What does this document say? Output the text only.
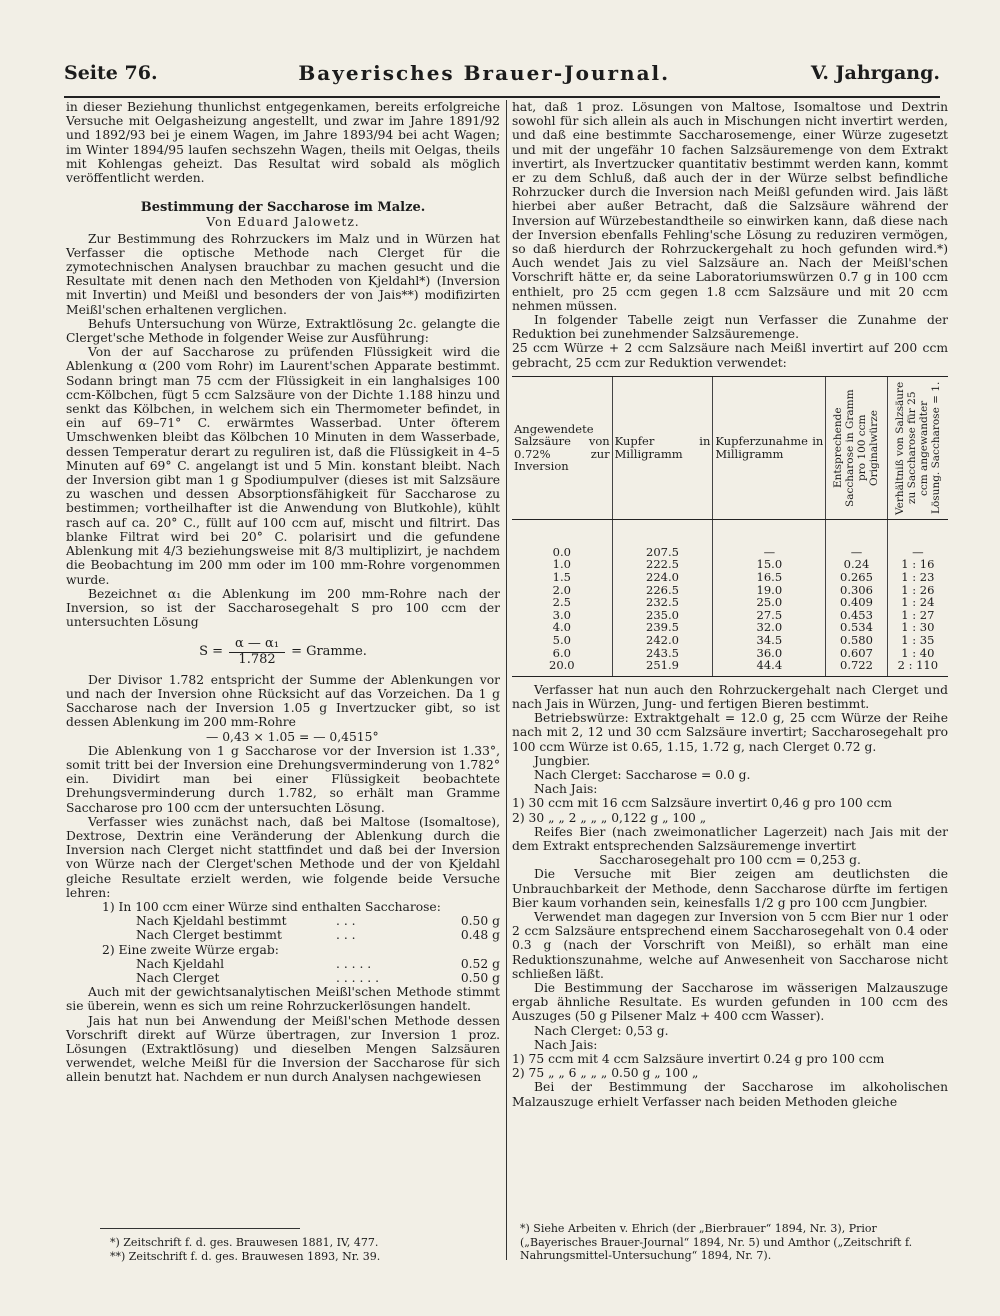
Seite 76.	Bayerisches Brauer-Journal.	V. Jahrgang.

in dieser Beziehung thunlichst entgegenkamen, bereits erfolgreiche Versuche mit Oelgasheizung angestellt, und zwar im Jahre 1891/92 und 1892/93 bei je einem Wagen, im Jahre 1893/94 bei acht Wagen; im Winter 1894/95 laufen sechszehn Wagen, theils mit Oelgas, theils mit Kohlengas geheizt. Das Resultat wird sobald als möglich veröffentlicht werden.

Bestimmung der Saccharose im Malze.

Von Eduard Jalowetz.

Zur Bestimmung des Rohrzuckers im Malz und in Würzen hat Verfasser die optische Methode nach Clerget für die zymotechnischen Analysen brauchbar zu machen gesucht und die Resultate mit denen nach den Methoden von Kjeldahl*) (Inversion mit Invertin) und Meißl und besonders der von Jais**) modifizirten Meißl'schen erhaltenen verglichen.

Behufs Untersuchung von Würze, Extraktlösung 2c. gelangte die Clerget'sche Methode in folgender Weise zur Ausführung:

Von der auf Saccharose zu prüfenden Flüssigkeit wird die Ablenkung α (200 vom Rohr) im Laurent'schen Apparate bestimmt. Sodann bringt man 75 ccm der Flüssigkeit in ein langhalsiges 100 ccm-Kölbchen, fügt 5 ccm Salzsäure von der Dichte 1.188 hinzu und senkt das Kölbchen, in welchem sich ein Thermometer befindet, in ein auf 69–71° C. erwärmtes Wasserbad. Unter öfterem Umschwenken bleibt das Kölbchen 10 Minuten in dem Wasserbade, dessen Temperatur derart zu reguliren ist, daß die Flüssigkeit in 4–5 Minuten auf 69° C. angelangt ist und 5 Min. konstant bleibt. Nach der Inversion gibt man 1 g Spodiumpulver (dieses ist mit Salzsäure zu waschen und dessen Absorptionsfähigkeit für Saccharose zu bestimmen; vortheilhafter ist die Anwendung von Blutkohle), kühlt rasch auf ca. 20° C., füllt auf 100 ccm auf, mischt und filtrirt. Das blanke Filtrat wird bei 20° C. polarisirt und die gefundene Ablenkung mit 4/3 beziehungsweise mit 8/3 multiplizirt, je nachdem die Beobachtung im 200 mm oder im 100 mm-Rohre vorgenommen wurde.

Bezeichnet α₁ die Ablenkung im 200 mm-Rohre nach der Inversion, so ist der Saccharosegehalt S pro 100 ccm der untersuchten Lösung

$S = \frac{\text{α — α₁}}{1.782}$ = Gramme.

Der Divisor 1.782 entspricht der Summe der Ablenkungen vor und nach der Inversion ohne Rücksicht auf das Vorzeichen. Da 1 g Saccharose nach der Inversion 1.05 g Invertzucker gibt, so ist dessen Ablenkung im 200 mm-Rohre

— 0,43 × 1.05 = — 0,4515°

Die Ablenkung von 1 g Saccharose vor der Inversion ist 1.33°, somit tritt bei der Inversion eine Drehungsverminderung von 1.782° ein. Dividirt man bei einer Flüssigkeit beobachtete Drehungsverminderung durch 1.782, so erhält man Gramme Saccharose pro 100 ccm der untersuchten Lösung.

Verfasser wies zunächst nach, daß bei Maltose (Isomaltose), Dextrose, Dextrin eine Veränderung der Ablenkung durch die Inversion nach Clerget nicht stattfindet und daß bei der Inversion von Würze nach der Clerget'schen Methode und der von Kjeldahl gleiche Resultate erzielt werden, wie folgende beide Versuche lehren:

1) In 100 ccm einer Würze sind enthalten Saccharose:

Nach Kjeldahl bestimmt	. . .	0.50 g
Nach Clerget bestimmt	. . .	0.48 g

2) Eine zweite Würze ergab:

Nach Kjeldahl	. . . . .	0.52 g
Nach Clerget	. . . . . .	0.50 g

Auch mit der gewichtsanalytischen Meißl'schen Methode stimmt sie überein, wenn es sich um reine Rohrzuckerlösungen handelt.

Jais hat nun bei Anwendung der Meißl'schen Methode dessen Vorschrift direkt auf Würze übertragen, zur Inversion 1 proz. Lösungen (Extraktlösung) und dieselben Mengen Salzsäuren verwendet, welche Meißl für die Inversion der Saccharose für sich allein benutzt hat. Nachdem er nun durch Analysen nachgewiesen

hat, daß 1 proz. Lösungen von Maltose, Isomaltose und Dextrin sowohl für sich allein als auch in Mischungen nicht invertirt werden, und daß eine bestimmte Saccharosemenge, einer Würze zugesetzt und mit der ungefähr 10 fachen Salzsäuremenge von dem Extrakt invertirt, als Invertzucker quantitativ bestimmt werden kann, kommt er zu dem Schluß, daß auch der in der Würze selbst befindliche Rohrzucker durch die Inversion nach Meißl gefunden wird. Jais läßt hierbei aber außer Betracht, daß die Salzsäure während der Inversion auf Würzebestandtheile so einwirken kann, daß diese nach der Inversion ebenfalls Fehling'sche Lösung zu reduziren vermögen, so daß hierdurch der Rohrzuckergehalt zu hoch gefunden wird.*) Auch wendet Jais zu viel Salzsäure an. Nach der Meißl'schen Vorschrift hätte er, da seine Laboratoriumswürzen 0.7 g in 100 ccm enthielt, pro 25 ccm gegen 1.8 ccm Salzsäure und mit 20 ccm nehmen müssen.

In folgender Tabelle zeigt nun Verfasser die Zunahme der Reduktion bei zunehmender Salzsäuremenge.

25 ccm Würze + 2 ccm Salzsäure nach Meißl invertirt auf 200 ccm gebracht, 25 ccm zur Reduktion verwendet:

Angewendete Salzsäure von 0.72% zur Inversion	Kupfer in Milligramm	Kupferzunahme in Milligramm	Entsprechende Saccharose in Gramm pro 100 ccm Originalwürze	Verhältniß von Salzsäure zu Saccharose für 25 ccm angewandter Lösung. Saccharose = 1.

0.0	207.5	—	—	—
1.0	222.5	15.0	0.24	1 : 16
1.5	224.0	16.5	0.265	1 : 23
2.0	226.5	19.0	0.306	1 : 26
2.5	232.5	25.0	0.409	1 : 24
3.0	235.0	27.5	0.453	1 : 27
4.0	239.5	32.0	0.534	1 : 30
5.0	242.0	34.5	0.580	1 : 35
6.0	243.5	36.0	0.607	1 : 40
20.0	251.9	44.4	0.722	2 : 110

Verfasser hat nun auch den Rohrzuckergehalt nach Clerget und nach Jais in Würzen, Jung- und fertigen Bieren bestimmt.

Betriebswürze: Extraktgehalt = 12.0 g, 25 ccm Würze der Reihe nach mit 2, 12 und 30 ccm Salzsäure invertirt; Saccharosegehalt pro 100 ccm Würze ist 0.65, 1.15, 1.72 g, nach Clerget 0.72 g.

Jungbier.

Nach Clerget: Saccharose = 0.0 g.

Nach Jais:

1) 30 ccm mit 16 ccm Salzsäure invertirt 0,46 g pro 100 ccm

2) 30 „ „ 2 „ „ „ 0,122 g „ 100 „

Reifes Bier (nach zweimonatlicher Lagerzeit) nach Jais mit der dem Extrakt entsprechenden Salzsäuremenge invertirt

Saccharosegehalt pro 100 ccm = 0,253 g.

Die Versuche mit Bier zeigen am deutlichsten die Unbrauchbarkeit der Methode, denn Saccharose dürfte im fertigen Bier kaum vorhanden sein, keinesfalls 1/2 g pro 100 ccm Jungbier.

Verwendet man dagegen zur Inversion von 5 ccm Bier nur 1 oder 2 ccm Salzsäure entsprechend einem Saccharosegehalt von 0.4 oder 0.3 g (nach der Vorschrift von Meißl), so erhält man eine Reduktionszunahme, welche auf Anwesenheit von Saccharose nicht schließen läßt.

Die Bestimmung der Saccharose im wässerigen Malzauszuge ergab ähnliche Resultate. Es wurden gefunden in 100 ccm des Auszuges (50 g Pilsener Malz + 400 ccm Wasser).

Nach Clerget: 0,53 g.

Nach Jais:

1) 75 ccm mit 4 ccm Salzsäure invertirt 0.24 g pro 100 ccm

2) 75 „ „ 6 „ „ „ 0.50 g „ 100 „

Bei der Bestimmung der Saccharose im alkoholischen Malzauszuge erhielt Verfasser nach beiden Methoden gleiche

*) Zeitschrift f. d. ges. Brauwesen 1881, IV, 477.
**) Zeitschrift f. d. ges. Brauwesen 1893, Nr. 39.
*) Siehe Arbeiten v. Ehrich (der „Bierbrauer“ 1894, Nr. 3), Prior („Bayerisches Brauer-Journal“ 1894, Nr. 5) und Amthor („Zeitschrift f. Nahrungsmittel-Untersuchung“ 1894, Nr. 7).
